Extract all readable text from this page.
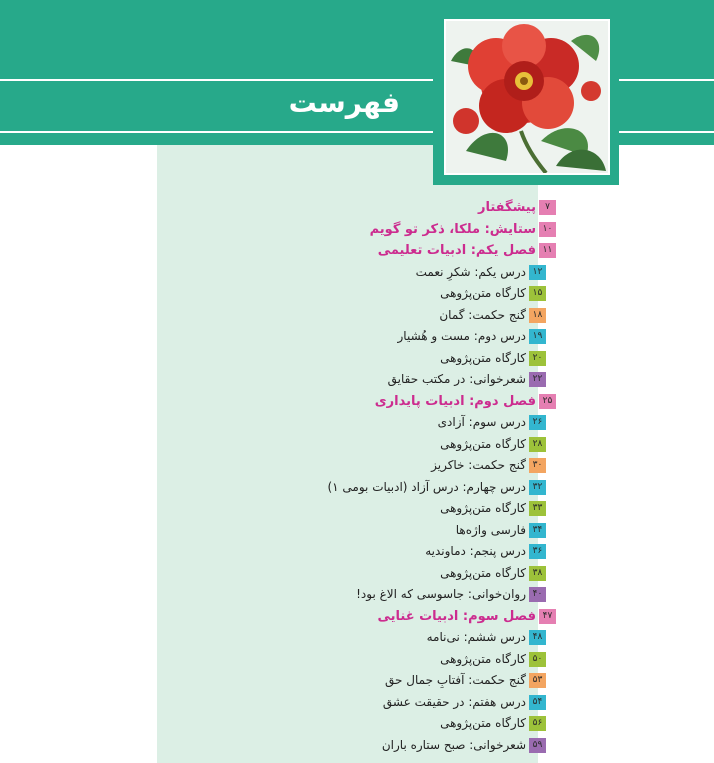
فهرست
۷
پیشگفتار
۱۰
ستایش: ملکا، ذکر تو گویم
۱۱
فصل یکم: ادبیات تعلیمی
۱۲
درس یکم: شکرِ نعمت
۱۵
کارگاه متن‌پژوهی
۱۸
گنج حکمت: گمان
۱۹
درس دوم: مست و هُشیار
۲۰
کارگاه متن‌پژوهی
۲۲
شعرخوانی: در مکتب حقایق
۲۵
فصل دوم: ادبیات پایداری
۲۶
درس سوم: آزادی
۲۸
کارگاه متن‌پژوهی
۳۰
گنج حکمت: خاکریز
۳۲
درس چهارم: درس آزاد (ادبیات بومی ۱)
۳۳
کارگاه متن‌پژوهی
۳۴
فارسی واژه‌ها
۳۶
درس پنجم: دماوندیه
۳۸
کارگاه متن‌پژوهی
۴۰
روان‌خوانی: جاسوسی که الاغ بود!
۴۷
فصل سوم: ادبیات غنایی
۴۸
درس ششم: نی‌نامه
۵۰
کارگاه متن‌پژوهی
۵۳
گنج حکمت: آفتابِ جمال حق
۵۴
درس هفتم: در حقیقت عشق
۵۶
کارگاه متن‌پژوهی
۵۹
شعرخوانی: صبح ستاره باران
